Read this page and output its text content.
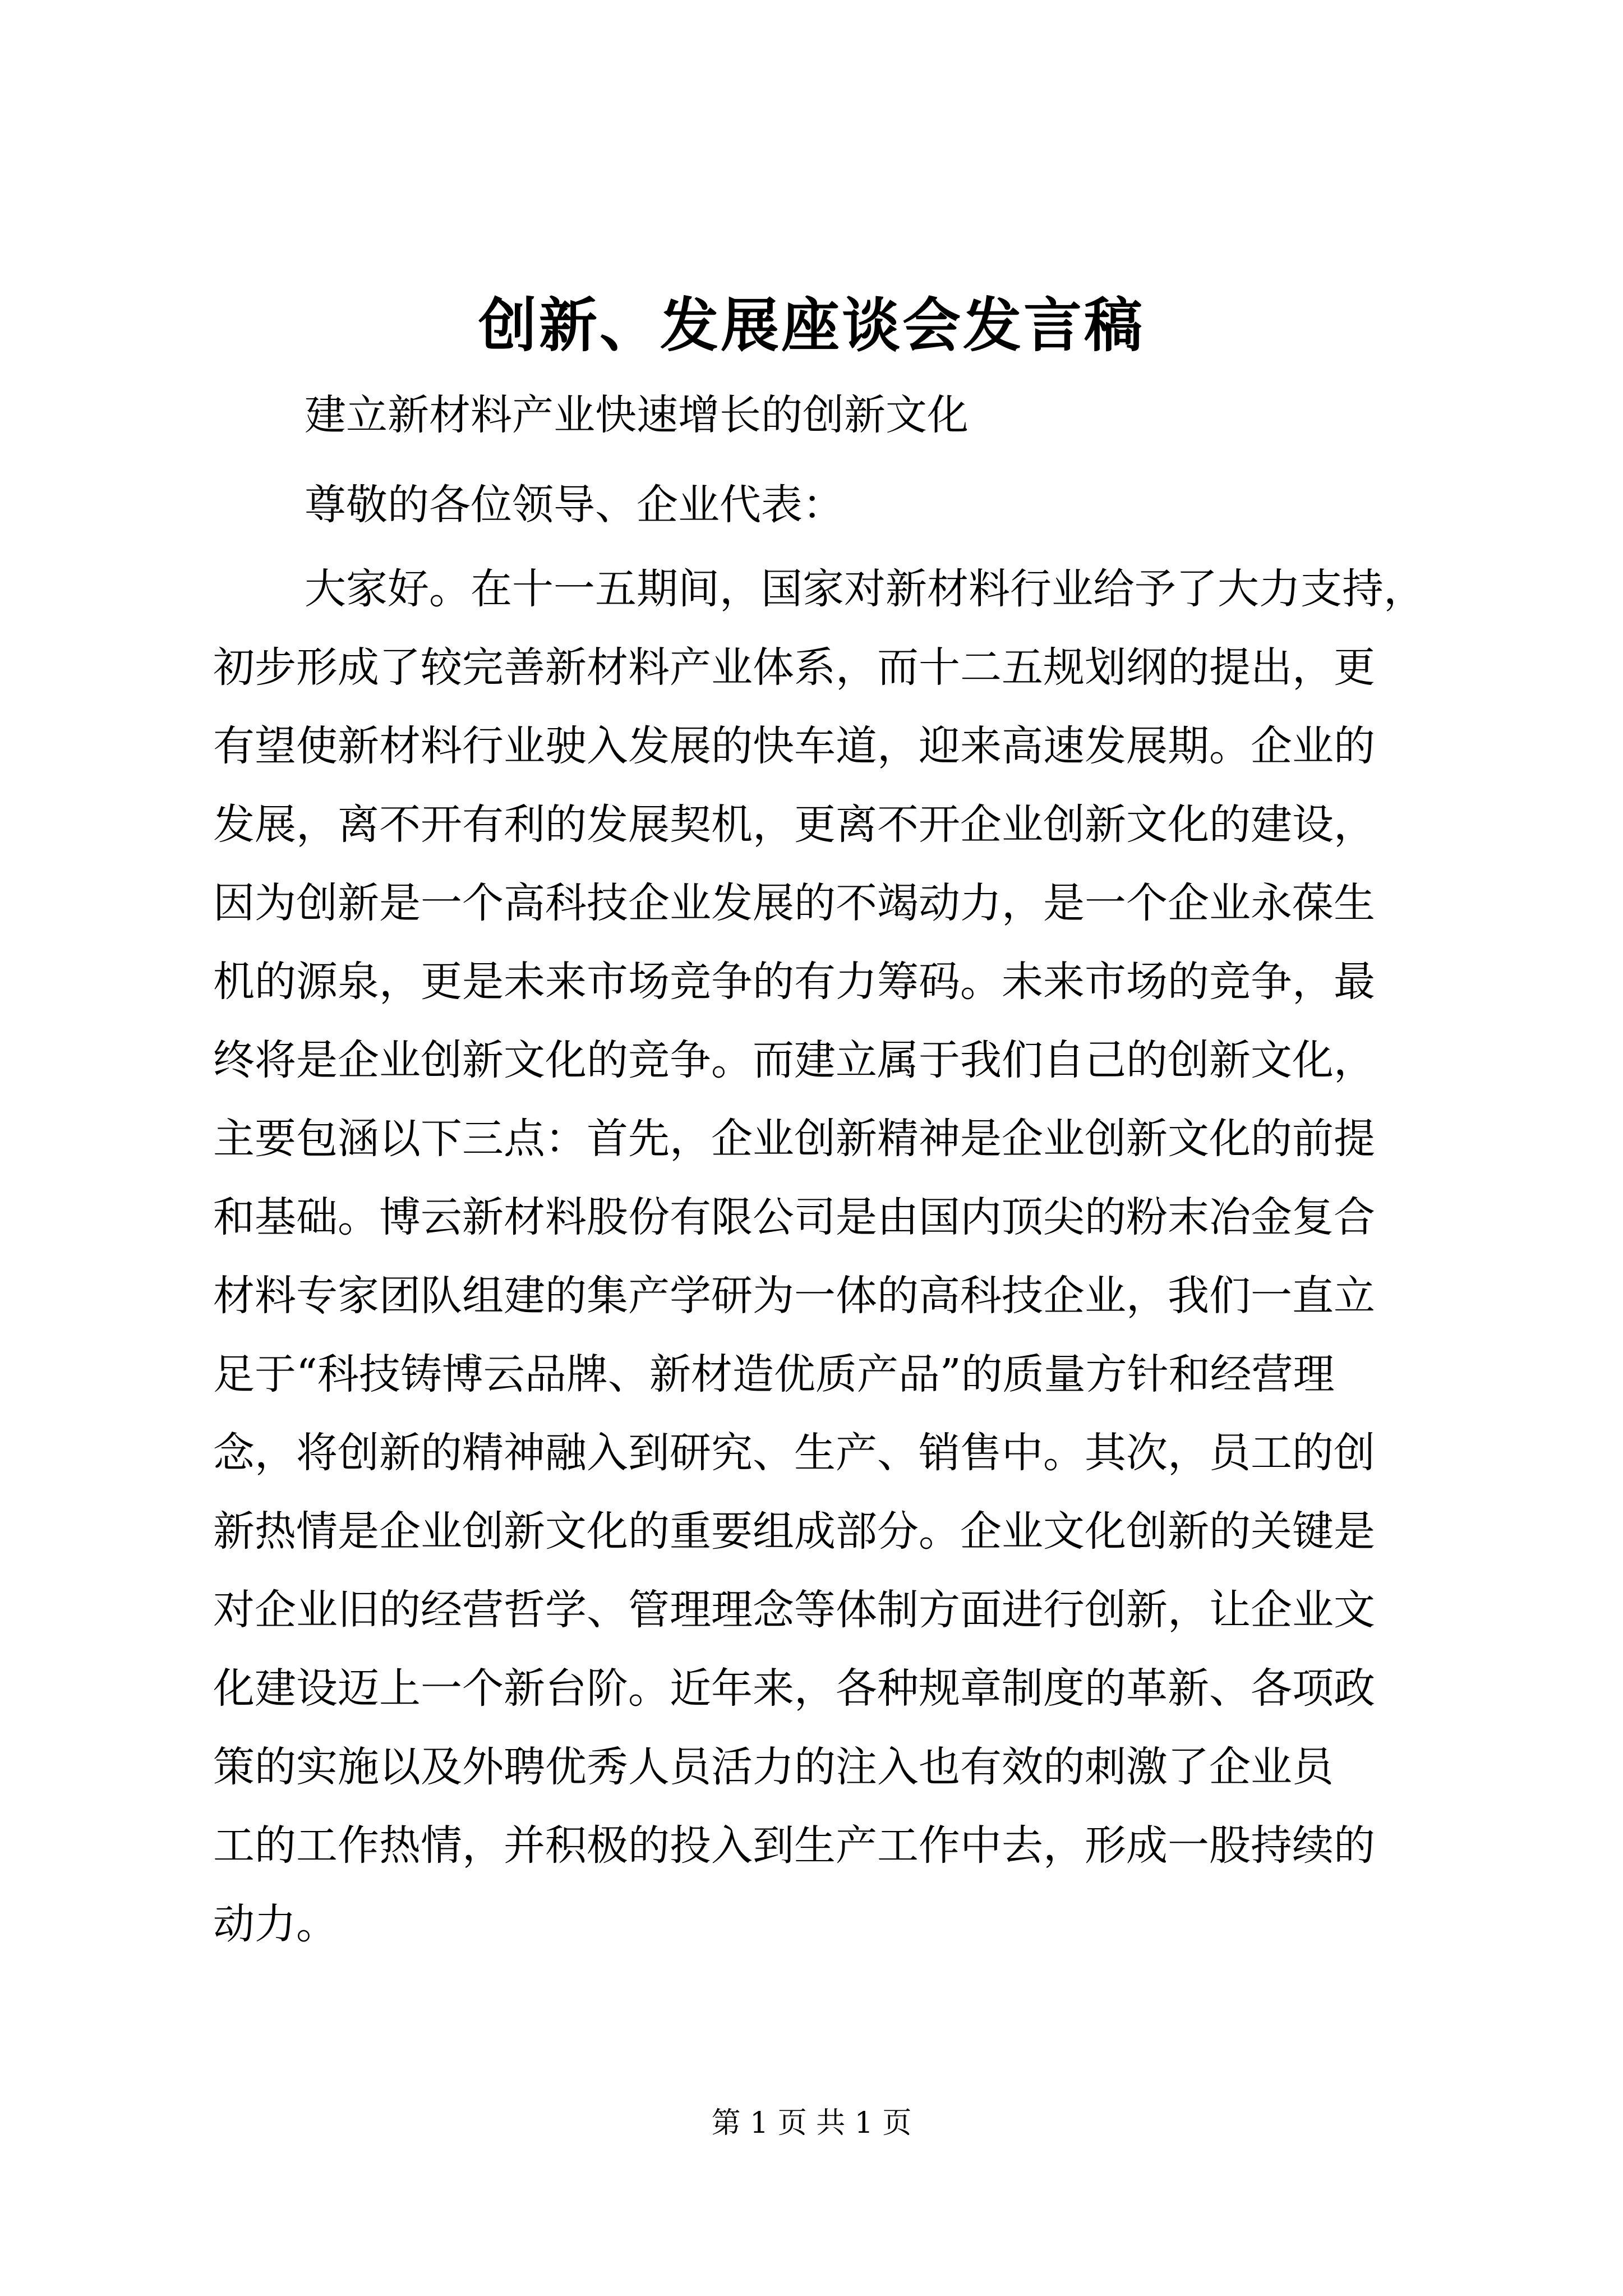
创新、发展座谈会发言稿
建立新材料产业快速增长的创新文化
尊敬的各位领导、企业代表：
大家好。在十一五期间，国家对新材料行业给予了大力支持，
初步形成了较完善新材料产业体系，而十二五规划纲的提出，更
有望使新材料行业驶入发展的快车道，迎来高速发展期。企业的
发展，离不开有利的发展契机，更离不开企业创新文化的建设，
因为创新是一个高科技企业发展的不竭动力，是一个企业永葆生
机的源泉，更是未来市场竞争的有力筹码。未来市场的竞争，最
终将是企业创新文化的竞争。而建立属于我们自己的创新文化，
主要包涵以下三点：首先，企业创新精神是企业创新文化的前提
和基础。博云新材料股份有限公司是由国内顶尖的粉末冶金复合
材料专家团队组建的集产学研为一体的高科技企业，我们一直立
足于“科技铸博云品牌、新材造优质产品”的质量方针和经营理
念，将创新的精神融入到研究、生产、销售中。其次，员工的创
新热情是企业创新文化的重要组成部分。企业文化创新的关键是
对企业旧的经营哲学、管理理念等体制方面进行创新，让企业文
化建设迈上一个新台阶。近年来，各种规章制度的革新、各项政
策的实施以及外聘优秀人员活力的注入也有效的刺激了企业员
工的工作热情，并积极的投入到生产工作中去，形成一股持续的
动力。
第 1 页 共 1 页
